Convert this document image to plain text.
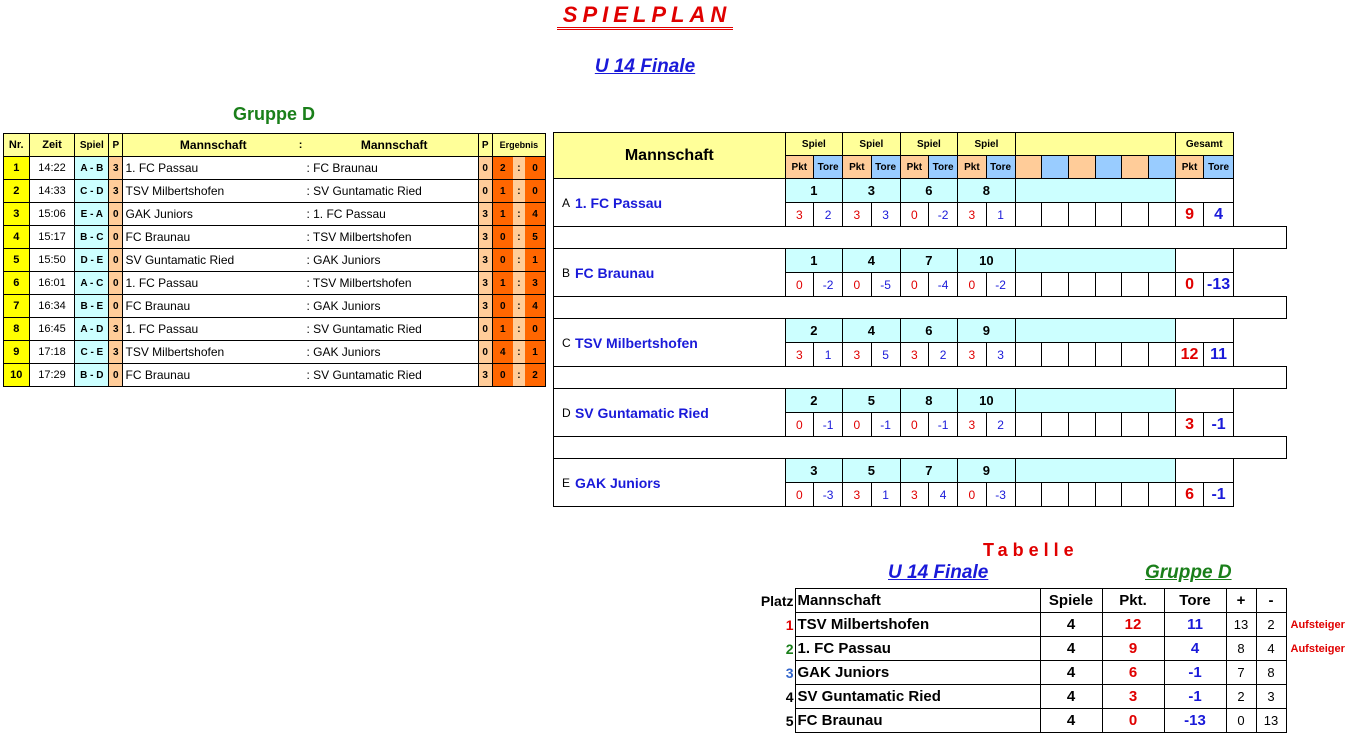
SPIELPLAN
U 14 Finale
Gruppe D
Nr.	Zeit	Spiel	P	Mannschaft	:	Mannschaft	P	Ergebnis		
1	14:22	A - B	3	1. FC Passau		: FC Braunau	0	2	:	0
2	14:33	C - D	3	TSV Milbertshofen		: SV Guntamatic Ried	0	1	:	0
3	15:06	E - A	0	GAK Juniors		: 1. FC Passau	3	1	:	4
4	15:17	B - C	0	FC Braunau		: TSV Milbertshofen	3	0	:	5
5	15:50	D - E	0	SV Guntamatic Ried		: GAK Juniors	3	0	:	1
6	16:01	A - C	0	1. FC Passau		: TSV Milbertshofen	3	1	:	3
7	16:34	B - E	0	FC Braunau		: GAK Juniors	3	0	:	4
8	16:45	A - D	3	1. FC Passau		: SV Guntamatic Ried	0	1	:	0
9	17:18	C - E	3	TSV Milbertshofen		: GAK Juniors	0	4	:	1
10	17:29	B - D	0	FC Braunau		: SV Guntamatic Ried	3	0	:	2
Mannschaft		Spiel		Spiel		Spiel		Spiel								Gesamt	
		Pkt	Tore	Pkt	Tore	Pkt	Tore	Pkt	Tore							Pkt	Tore
A	1. FC Passau	1		3		6		8									
		3	2	3	3	0	-2	3	1							9	4

B	FC Braunau	1		4		7		10									
		0	-2	0	-5	0	-4	0	-2							0	-13

C	TSV Milbertshofen	2		4		6		9									
		3	1	3	5	3	2	3	3							12	11

D	SV Guntamatic Ried	2		5		8		10									
		0	-1	0	-1	0	-1	3	2							3	-1

E	GAK Juniors	3		5		7		9									
		0	-3	3	1	3	4	0	-3							6	-1
Tabelle
U 14 Finale	Gruppe D
Platz	Mannschaft	Spiele	Pkt.	Tore	+	-	
1	TSV Milbertshofen	4	12	11	13	2	Aufsteiger
2	1. FC Passau	4	9	4	8	4	Aufsteiger
3	GAK Juniors	4	6	-1	7	8	
4	SV Guntamatic Ried	4	3	-1	2	3	
5	FC Braunau	4	0	-13	0	13	
